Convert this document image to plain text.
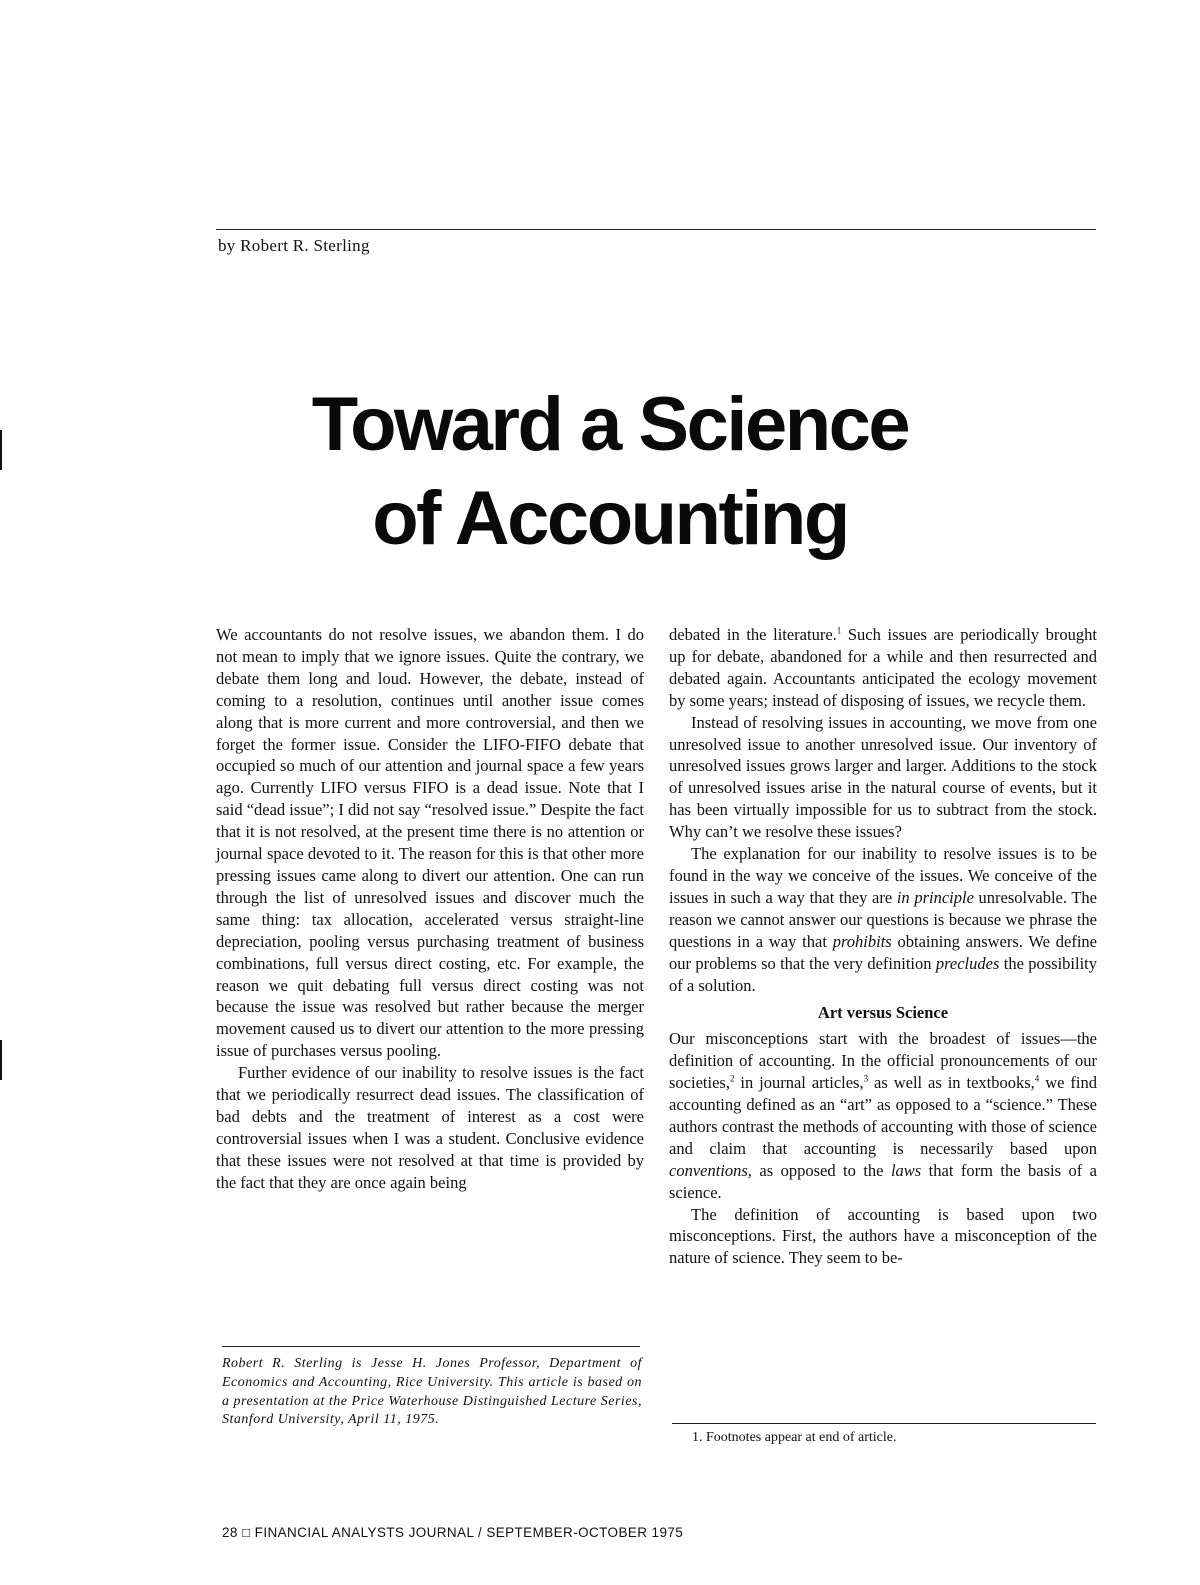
by Robert R. Sterling
Toward a Science
of Accounting

We accountants do not resolve issues, we abandon them. I do not mean to imply that we ignore issues. Quite the contrary, we debate them long and loud. However, the debate, instead of coming to a resolution, continues until another issue comes along that is more current and more controversial, and then we forget the former issue. Consider the LIFO-FIFO debate that occupied so much of our attention and journal space a few years ago. Currently LIFO versus FIFO is a dead issue. Note that I said “dead issue”; I did not say “resolved issue.” Despite the fact that it is not resolved, at the present time there is no attention or journal space devoted to it. The reason for this is that other more pressing issues came along to divert our attention. One can run through the list of unresolved issues and discover much the same thing: tax allocation, accelerated versus straight-line depreciation, pooling versus purchasing treatment of business combinations, full versus direct costing, etc. For example, the reason we quit debating full versus direct costing was not because the issue was resolved but rather because the merger movement caused us to divert our attention to the more pressing issue of purchases versus pooling.

Further evidence of our inability to resolve issues is the fact that we periodically resurrect dead issues. The classification of bad debts and the treatment of interest as a cost were controversial issues when I was a student. Conclusive evidence that these issues were not resolved at that time is provided by the fact that they are once again being

debated in the literature.$^1$ Such issues are periodically brought up for debate, abandoned for a while and then resurrected and debated again. Accountants anticipated the ecology movement by some years; instead of disposing of issues, we recycle them.

Instead of resolving issues in accounting, we move from one unresolved issue to another unresolved issue. Our inventory of unresolved issues grows larger and larger. Additions to the stock of unresolved issues arise in the natural course of events, but it has been virtually impossible for us to subtract from the stock. Why can’t we resolve these issues?

The explanation for our inability to resolve issues is to be found in the way we conceive of the issues. We conceive of the issues in such a way that they are in principle unresolvable. The reason we cannot answer our questions is because we phrase the questions in a way that prohibits obtaining answers. We define our problems so that the very definition precludes the possibility of a solution.

Art versus Science

Our misconceptions start with the broadest of issues—the definition of accounting. In the official pronouncements of our societies,$^2$ in journal articles,$^3$ as well as in textbooks,$^4$ we find accounting defined as an “art” as opposed to a “science.” These authors contrast the methods of accounting with those of science and claim that accounting is necessarily based upon conventions, as opposed to the laws that form the basis of a science.

The definition of accounting is based upon two misconceptions. First, the authors have a misconception of the nature of science. They seem to be-

Robert R. Sterling is Jesse H. Jones Professor, Department of Economics and Accounting, Rice University. This article is based on a presentation at the Price Waterhouse Distinguished Lecture Series, Stanford University, April 11, 1975.
1. Footnotes appear at end of article.
28 □ FINANCIAL ANALYSTS JOURNAL / SEPTEMBER-OCTOBER 1975
